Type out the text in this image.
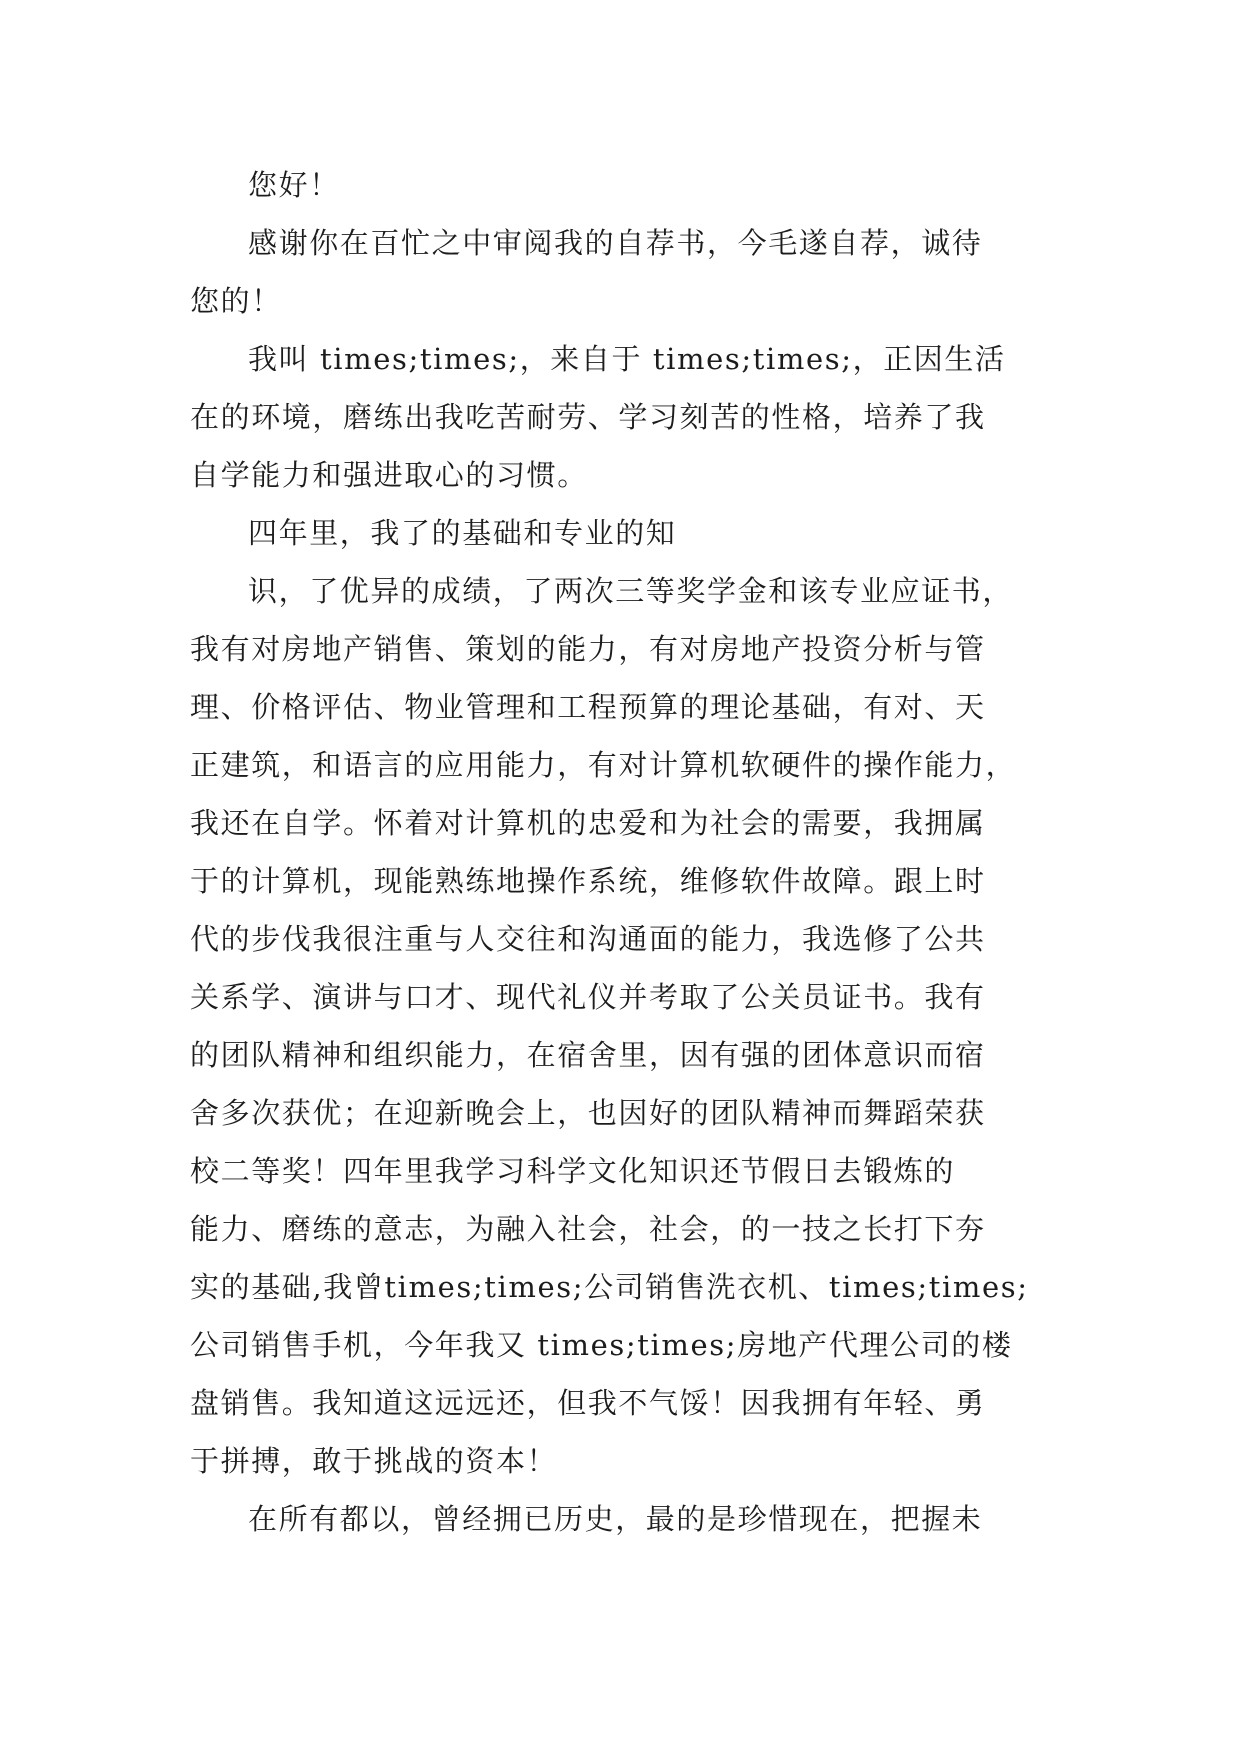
您好！

感谢你在百忙之中审阅我的自荐书，今毛遂自荐，诚待
您的！

我叫 times;times;，来自于 times;times;，正因生活
在的环境，磨练出我吃苦耐劳、学习刻苦的性格，培养了我
自学能力和强进取心的习惯。

四年里，我了的基础和专业的知

识，了优异的成绩，了两次三等奖学金和该专业应证书，
我有对房地产销售、策划的能力，有对房地产投资分析与管
理、价格评估、物业管理和工程预算的理论基础，有对、天
正建筑，和语言的应用能力，有对计算机软硬件的操作能力，
我还在自学。怀着对计算机的忠爱和为社会的需要，我拥属
于的计算机，现能熟练地操作系统，维修软件故障。跟上时
代的步伐我很注重与人交往和沟通面的能力，我选修了公共
关系学、演讲与口才、现代礼仪并考取了公关员证书。我有
的团队精神和组织能力，在宿舍里，因有强的团体意识而宿
舍多次获优；在迎新晚会上，也因好的团队精神而舞蹈荣获
校二等奖！四年里我学习科学文化知识还节假日去锻炼的
能力、磨练的意志，为融入社会，社会，的一技之长打下夯
实的基础,我曾times;times;公司销售洗衣机、times;times;
公司销售手机，今年我又 times;times;房地产代理公司的楼
盘销售。我知道这远远还，但我不气馁！因我拥有年轻、勇
于拼搏，敢于挑战的资本！

在所有都以，曾经拥已历史，最的是珍惜现在，把握未
